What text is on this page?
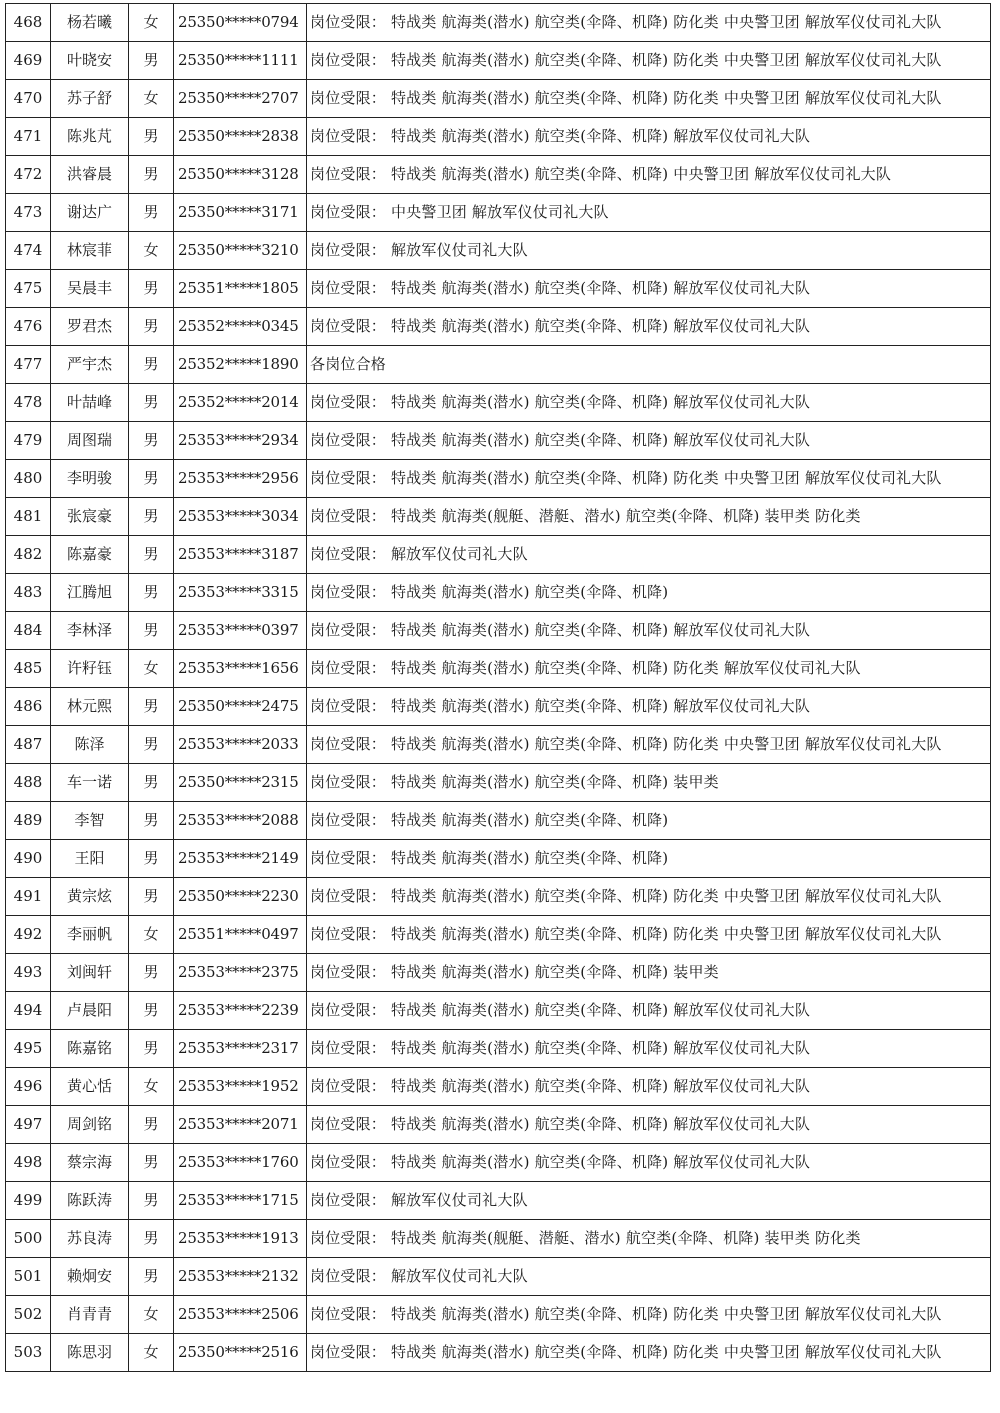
468	杨若曦	女	25350*****0794	岗位受限： 特战类 航海类(潜水) 航空类(伞降、机降) 防化类 中央警卫团 解放军仪仗司礼大队
469	叶晓安	男	25350*****1111	岗位受限： 特战类 航海类(潜水) 航空类(伞降、机降) 防化类 中央警卫团 解放军仪仗司礼大队
470	苏子舒	女	25350*****2707	岗位受限： 特战类 航海类(潜水) 航空类(伞降、机降) 防化类 中央警卫团 解放军仪仗司礼大队
471	陈兆芃	男	25350*****2838	岗位受限： 特战类 航海类(潜水) 航空类(伞降、机降) 解放军仪仗司礼大队
472	洪睿晨	男	25350*****3128	岗位受限： 特战类 航海类(潜水) 航空类(伞降、机降) 中央警卫团 解放军仪仗司礼大队
473	谢达广	男	25350*****3171	岗位受限： 中央警卫团 解放军仪仗司礼大队
474	林宸菲	女	25350*****3210	岗位受限： 解放军仪仗司礼大队
475	吴晨丰	男	25351*****1805	岗位受限： 特战类 航海类(潜水) 航空类(伞降、机降) 解放军仪仗司礼大队
476	罗君杰	男	25352*****0345	岗位受限： 特战类 航海类(潜水) 航空类(伞降、机降) 解放军仪仗司礼大队
477	严宇杰	男	25352*****1890	各岗位合格
478	叶喆峰	男	25352*****2014	岗位受限： 特战类 航海类(潜水) 航空类(伞降、机降) 解放军仪仗司礼大队
479	周图瑞	男	25353*****2934	岗位受限： 特战类 航海类(潜水) 航空类(伞降、机降) 解放军仪仗司礼大队
480	李明骏	男	25353*****2956	岗位受限： 特战类 航海类(潜水) 航空类(伞降、机降) 防化类 中央警卫团 解放军仪仗司礼大队
481	张宸豪	男	25353*****3034	岗位受限： 特战类 航海类(舰艇、潜艇、潜水) 航空类(伞降、机降) 装甲类 防化类
482	陈嘉豪	男	25353*****3187	岗位受限： 解放军仪仗司礼大队
483	江腾旭	男	25353*****3315	岗位受限： 特战类 航海类(潜水) 航空类(伞降、机降)
484	李林泽	男	25353*****0397	岗位受限： 特战类 航海类(潜水) 航空类(伞降、机降) 解放军仪仗司礼大队
485	许籽钰	女	25353*****1656	岗位受限： 特战类 航海类(潜水) 航空类(伞降、机降) 防化类 解放军仪仗司礼大队
486	林元熙	男	25350*****2475	岗位受限： 特战类 航海类(潜水) 航空类(伞降、机降) 解放军仪仗司礼大队
487	陈泽	男	25353*****2033	岗位受限： 特战类 航海类(潜水) 航空类(伞降、机降) 防化类 中央警卫团 解放军仪仗司礼大队
488	车一诺	男	25350*****2315	岗位受限： 特战类 航海类(潜水) 航空类(伞降、机降) 装甲类
489	李智	男	25353*****2088	岗位受限： 特战类 航海类(潜水) 航空类(伞降、机降)
490	王阳	男	25353*****2149	岗位受限： 特战类 航海类(潜水) 航空类(伞降、机降)
491	黄宗炫	男	25350*****2230	岗位受限： 特战类 航海类(潜水) 航空类(伞降、机降) 防化类 中央警卫团 解放军仪仗司礼大队
492	李丽帆	女	25351*****0497	岗位受限： 特战类 航海类(潜水) 航空类(伞降、机降) 防化类 中央警卫团 解放军仪仗司礼大队
493	刘闽轩	男	25353*****2375	岗位受限： 特战类 航海类(潜水) 航空类(伞降、机降) 装甲类
494	卢晨阳	男	25353*****2239	岗位受限： 特战类 航海类(潜水) 航空类(伞降、机降) 解放军仪仗司礼大队
495	陈嘉铭	男	25353*****2317	岗位受限： 特战类 航海类(潜水) 航空类(伞降、机降) 解放军仪仗司礼大队
496	黄心恬	女	25353*****1952	岗位受限： 特战类 航海类(潜水) 航空类(伞降、机降) 解放军仪仗司礼大队
497	周剑铭	男	25353*****2071	岗位受限： 特战类 航海类(潜水) 航空类(伞降、机降) 解放军仪仗司礼大队
498	蔡宗海	男	25353*****1760	岗位受限： 特战类 航海类(潜水) 航空类(伞降、机降) 解放军仪仗司礼大队
499	陈跃涛	男	25353*****1715	岗位受限： 解放军仪仗司礼大队
500	苏良涛	男	25353*****1913	岗位受限： 特战类 航海类(舰艇、潜艇、潜水) 航空类(伞降、机降) 装甲类 防化类
501	赖炯安	男	25353*****2132	岗位受限： 解放军仪仗司礼大队
502	肖青青	女	25353*****2506	岗位受限： 特战类 航海类(潜水) 航空类(伞降、机降) 防化类 中央警卫团 解放军仪仗司礼大队
503	陈思羽	女	25350*****2516	岗位受限： 特战类 航海类(潜水) 航空类(伞降、机降) 防化类 中央警卫团 解放军仪仗司礼大队
